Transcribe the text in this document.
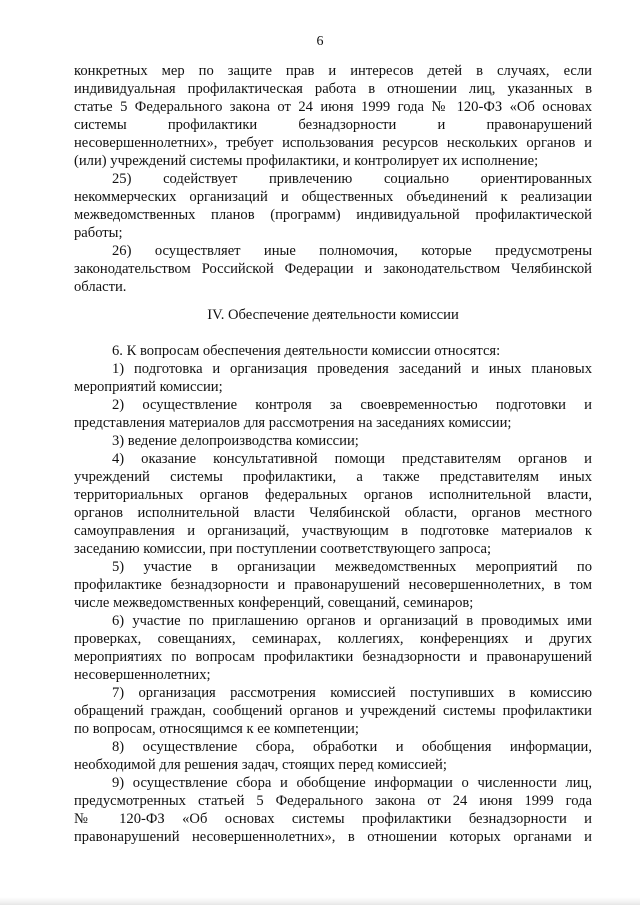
6
IV. Обеспечение деятельности комиссии
конкретных мер по защите прав и интересов детей в случаях, если
индивидуальная профилактическая работа в отношении лиц, указанных в
статье 5 Федерального закона от 24 июня 1999 года № 120-ФЗ «Об основах
системы профилактики безнадзорности и правонарушений
несовершеннолетних», требует использования ресурсов нескольких органов и
(или) учреждений системы профилактики, и контролирует их исполнение;
25) содействует привлечению социально ориентированных
некоммерческих организаций и общественных объединений к реализации
межведомственных планов (программ) индивидуальной профилактической
работы;
26) осуществляет иные полномочия, которые предусмотрены
законодательством Российской Федерации и законодательством Челябинской
области.
6. К вопросам обеспечения деятельности комиссии относятся:
1) подготовка и организация проведения заседаний и иных плановых
мероприятий комиссии;
2) осуществление контроля за своевременностью подготовки и
представления материалов для рассмотрения на заседаниях комиссии;
3) ведение делопроизводства комиссии;
4) оказание консультативной помощи представителям органов и
учреждений системы профилактики, а также представителям иных
территориальных органов федеральных органов исполнительной власти,
органов исполнительной власти Челябинской области, органов местного
самоуправления и организаций, участвующим в подготовке материалов к
заседанию комиссии, при поступлении соответствующего запроса;
5) участие в организации межведомственных мероприятий по
профилактике безнадзорности и правонарушений несовершеннолетних, в том
числе межведомственных конференций, совещаний, семинаров;
6) участие по приглашению органов и организаций в проводимых ими
проверках, совещаниях, семинарах, коллегиях, конференциях и других
мероприятиях по вопросам профилактики безнадзорности и правонарушений
несовершеннолетних;
7) организация рассмотрения комиссией поступивших в комиссию
обращений граждан, сообщений органов и учреждений системы профилактики
по вопросам, относящимся к ее компетенции;
8) осуществление сбора, обработки и обобщения информации,
необходимой для решения задач, стоящих перед комиссией;
9) осуществление сбора и обобщение информации о численности лиц,
предусмотренных статьей 5 Федерального закона от 24 июня 1999 года
№ 120-ФЗ «Об основах системы профилактики безнадзорности и
правонарушений несовершеннолетних», в отношении которых органами и
